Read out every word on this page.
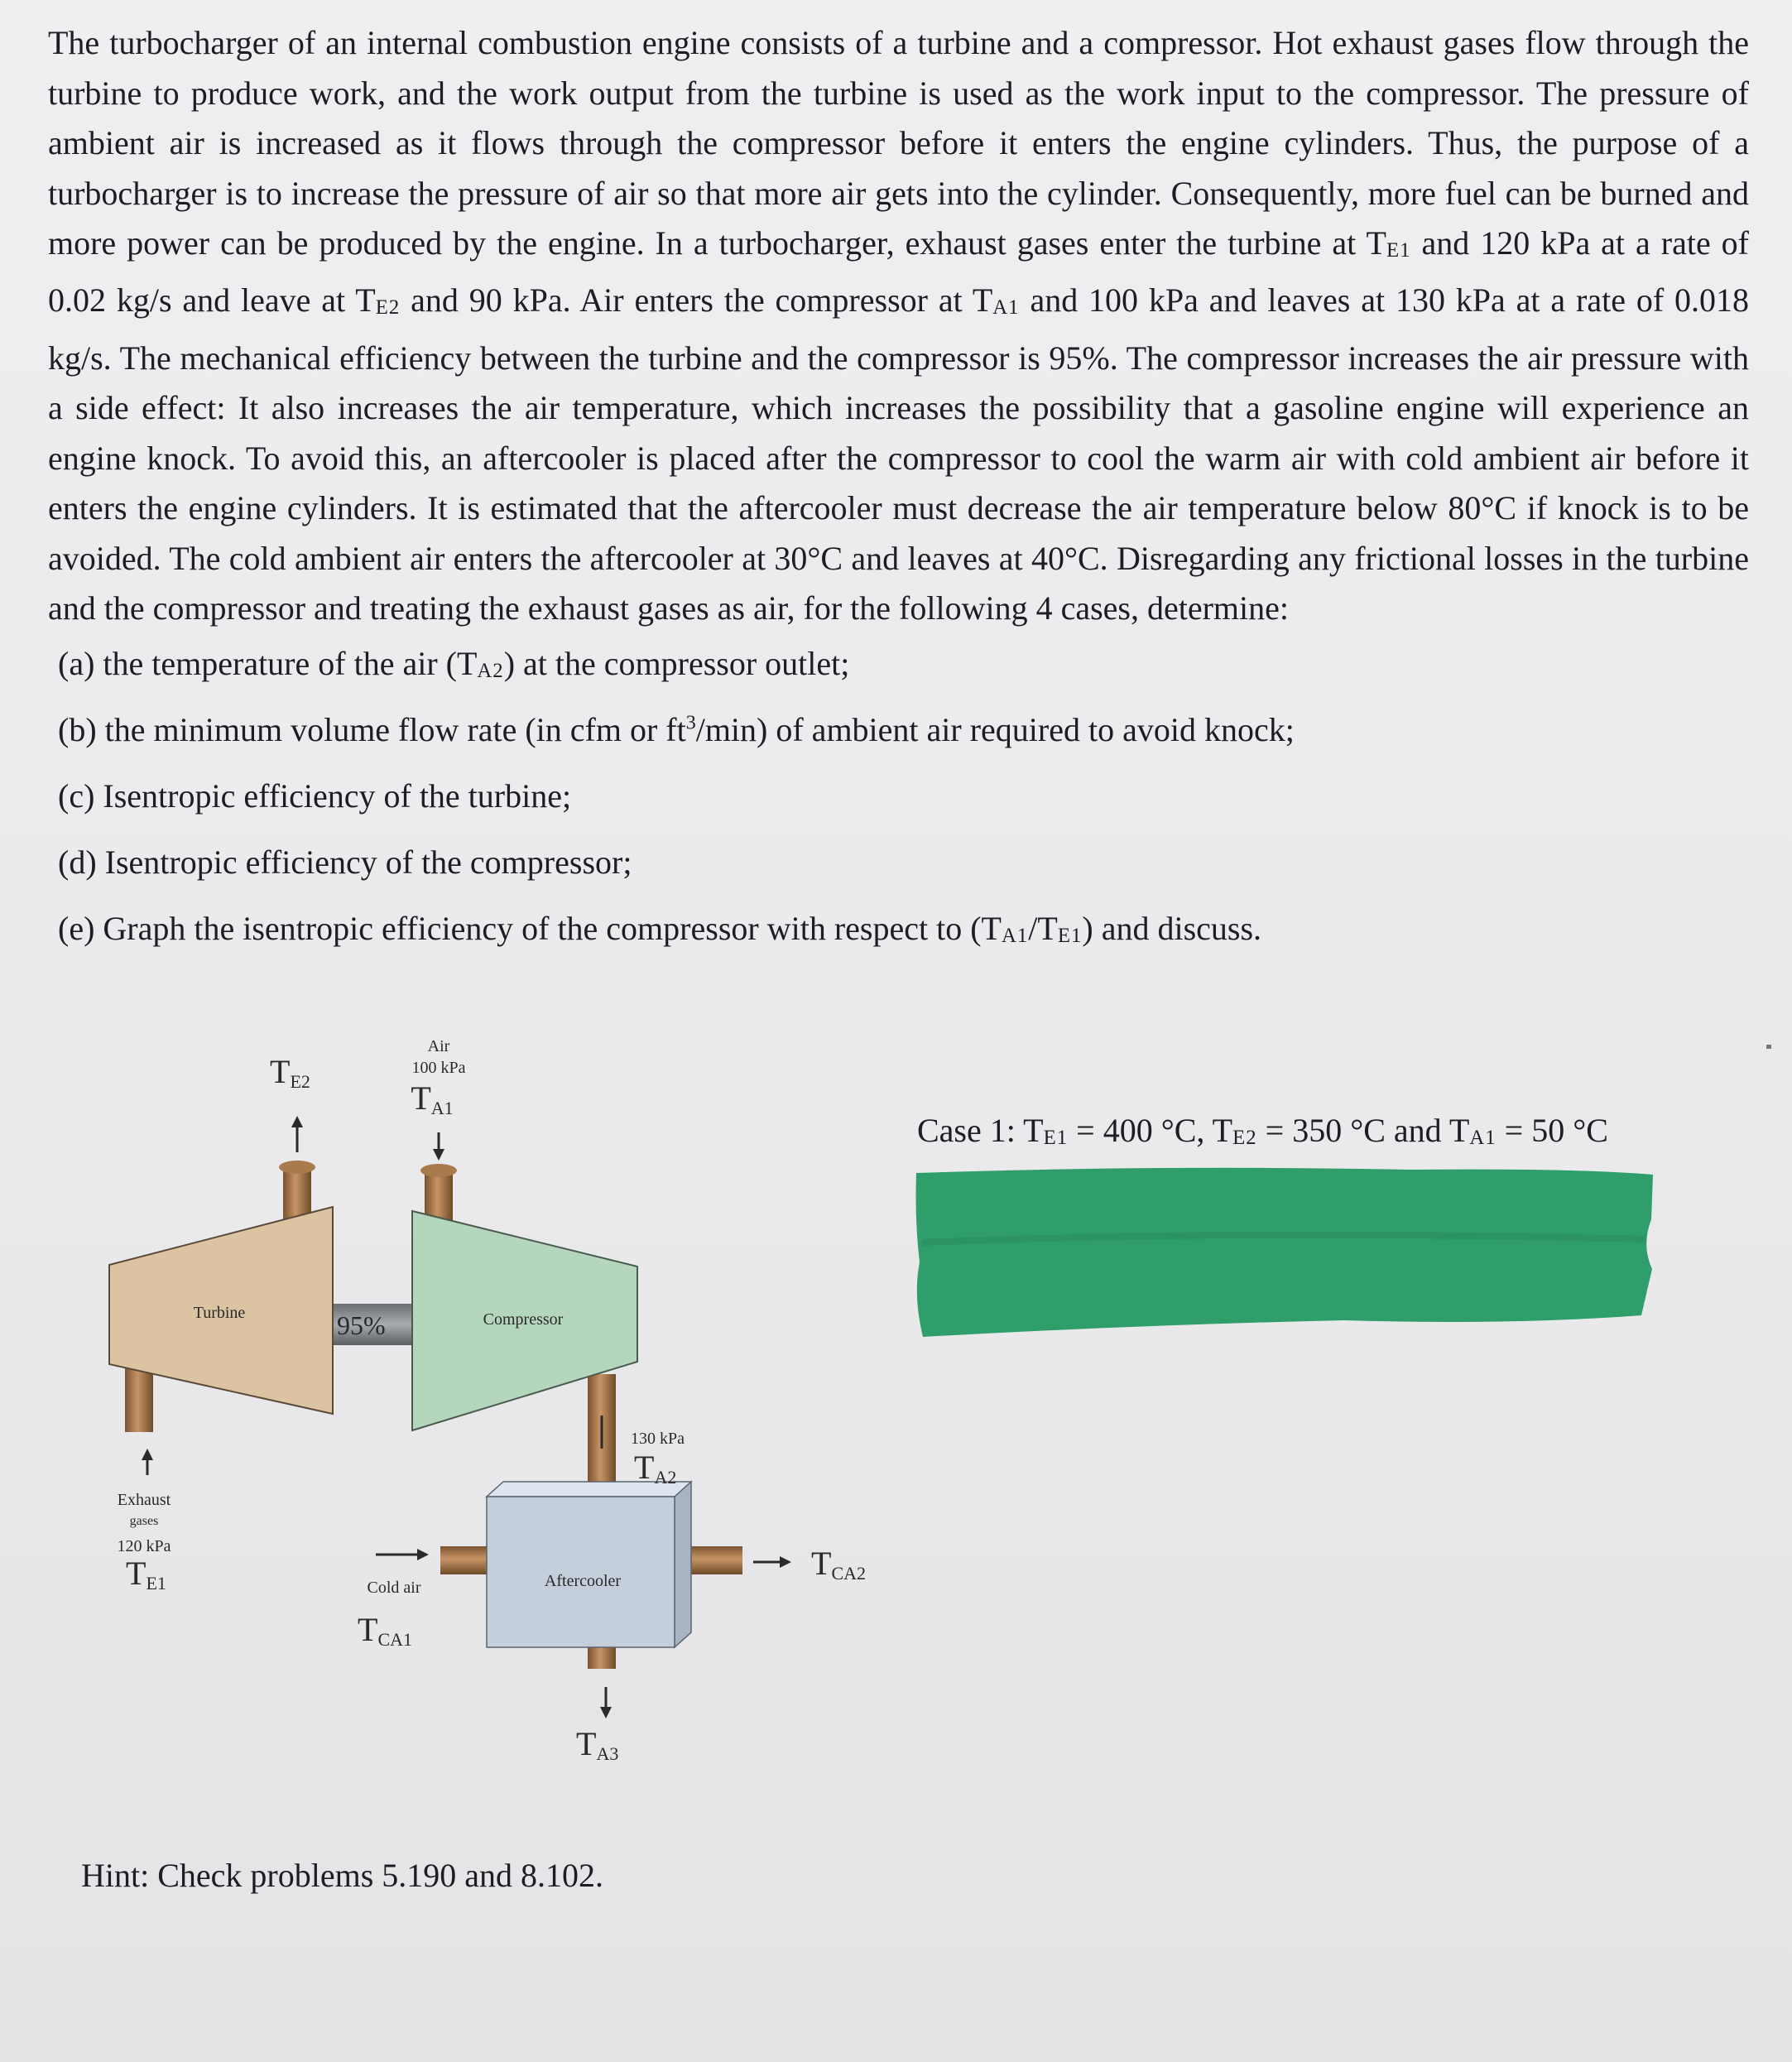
The turbocharger of an internal combustion engine consists of a turbine and a compressor. Hot exhaust gases flow through the turbine to produce work, and the work output from the turbine is used as the work input to the compressor. The pressure of ambient air is increased as it flows through the compressor before it enters the engine cylinders. Thus, the purpose of a turbocharger is to increase the pressure of air so that more air gets into the cylinder. Consequently, more fuel can be burned and more power can be produced by the engine. In a turbocharger, exhaust gases enter the turbine at $T_{E1}$ and 120 kPa at a rate of 0.02 kg/s and leave at $T_{E2}$ and 90 kPa. Air enters the compressor at $T_{A1}$ and 100 kPa and leaves at 130 kPa at a rate of 0.018 kg/s. The mechanical efficiency between the turbine and the compressor is 95%. The compressor increases the air pressure with a side effect: It also increases the air temperature, which increases the possibility that a gasoline engine will experience an engine knock. To avoid this, an aftercooler is placed after the compressor to cool the warm air with cold ambient air before it enters the engine cylinders. It is estimated that the aftercooler must decrease the air temperature below 80°C if knock is to be avoided. The cold ambient air enters the aftercooler at 30°C and leaves at 40°C. Disregarding any frictional losses in the turbine and the compressor and treating the exhaust gases as air, for the following 4 cases, determine:

(a) the temperature of the air $(T_{A2})$ at the compressor outlet;
(b) the minimum volume flow rate (in cfm or $ft^3/\min$) of ambient air required to avoid knock;
(c) Isentropic efficiency of the turbine;
(d) Isentropic efficiency of the compressor;
(e) Graph the isentropic efficiency of the compressor with respect to $(T_{A1}/T_{E1})$ and discuss.
TE2
Air
100 kPa
TA1
Turbine	95%	Compressor
130 kPa
TA2
Exhaust
gases
120 kPa
TE1	Cold air
TCA1
Aftercooler	TCA2
TA3
Case 1: $T_{E1} = 400$ °C, $T_{E2} = 350$ °C and $T_{A1} = 50$ °C
Hint: Check problems 5.190 and 8.102.
